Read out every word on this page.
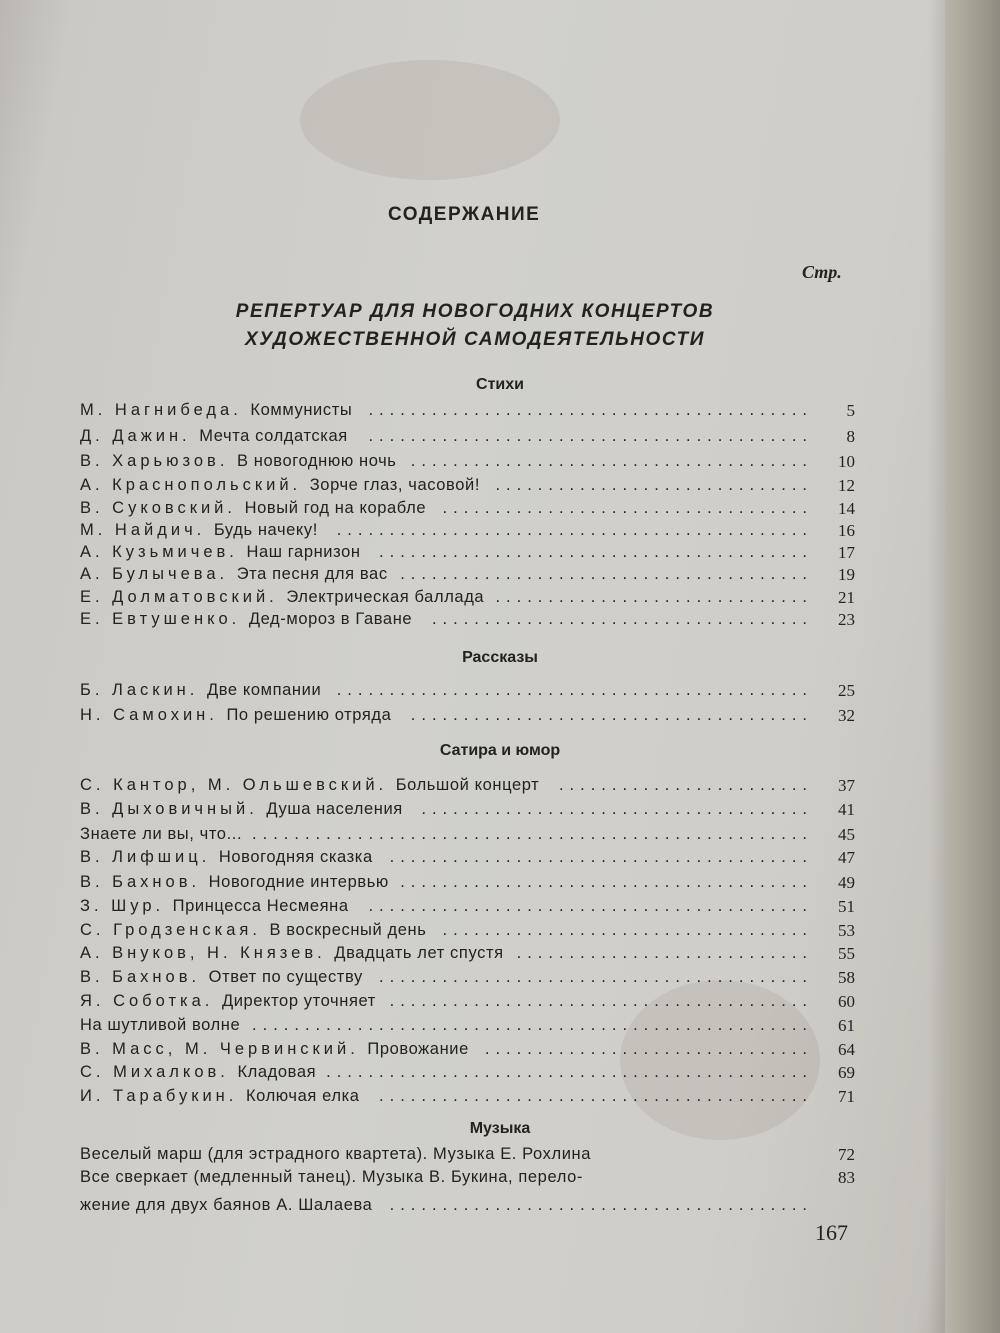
СОДЕРЖАНИЕ
Стр.
РЕПЕРТУАР ДЛЯ НОВОГОДНИХ КОНЦЕРТОВ
ХУДОЖЕСТВЕННОЙ САМОДЕЯТЕЛЬНОСТИ
167
Стихи
М. Нагнибеда. Коммунисты ..........................................	5
Д. Дажин. Мечта солдатская ..........................................	8
В. Харьюзов. В новогоднюю ночь ......................................	10
А. Краснопольский. Зорче глаз, часовой! ..............................	12
В. Суковский. Новый год на корабле ...................................	14
М. Найдич. Будь начеку! .............................................	16
А. Кузьмичев. Наш гарнизон .........................................	17
А. Булычева. Эта песня для вас .......................................	19
Е. Долматовский. Электрическая баллада ..............................	21
Е. Евтушенко. Дед-мороз в Гаване ....................................	23
Рассказы
Б. Ласкин. Две компании .............................................	25
Н. Самохин. По решению отряда ......................................	32
Сатира и юмор
С. Кантор, М. Ольшевский. Большой концерт ........................	37
В. Дыховичный. Душа населения .....................................	41
Знаете ли вы, что... .....................................................	45
В. Лифшиц. Новогодняя сказка ........................................	47
В. Бахнов. Новогодние интервью .......................................	49
З. Шур. Принцесса Несмеяна ..........................................	51
С. Гродзенская. В воскресный день ...................................	53
А. Внуков, Н. Князев. Двадцать лет спустя ............................	55
В. Бахнов. Ответ по существу .........................................	58
Я. Соботка. Директор уточняет ........................................	60
На шутливой волне .....................................................	61
В. Масс, М. Червинский. Провожание ...............................	64
С. Михалков. Кладовая ..............................................	69
И. Тарабукин. Колючая елка .........................................	71
Музыка
Веселый марш (для эстрадного квартета). Музыка Е. Рохлина	72
Все сверкает (медленный танец). Музыка В. Букина, перело-	83
жение для двух баянов А. Шалаева ........................................
